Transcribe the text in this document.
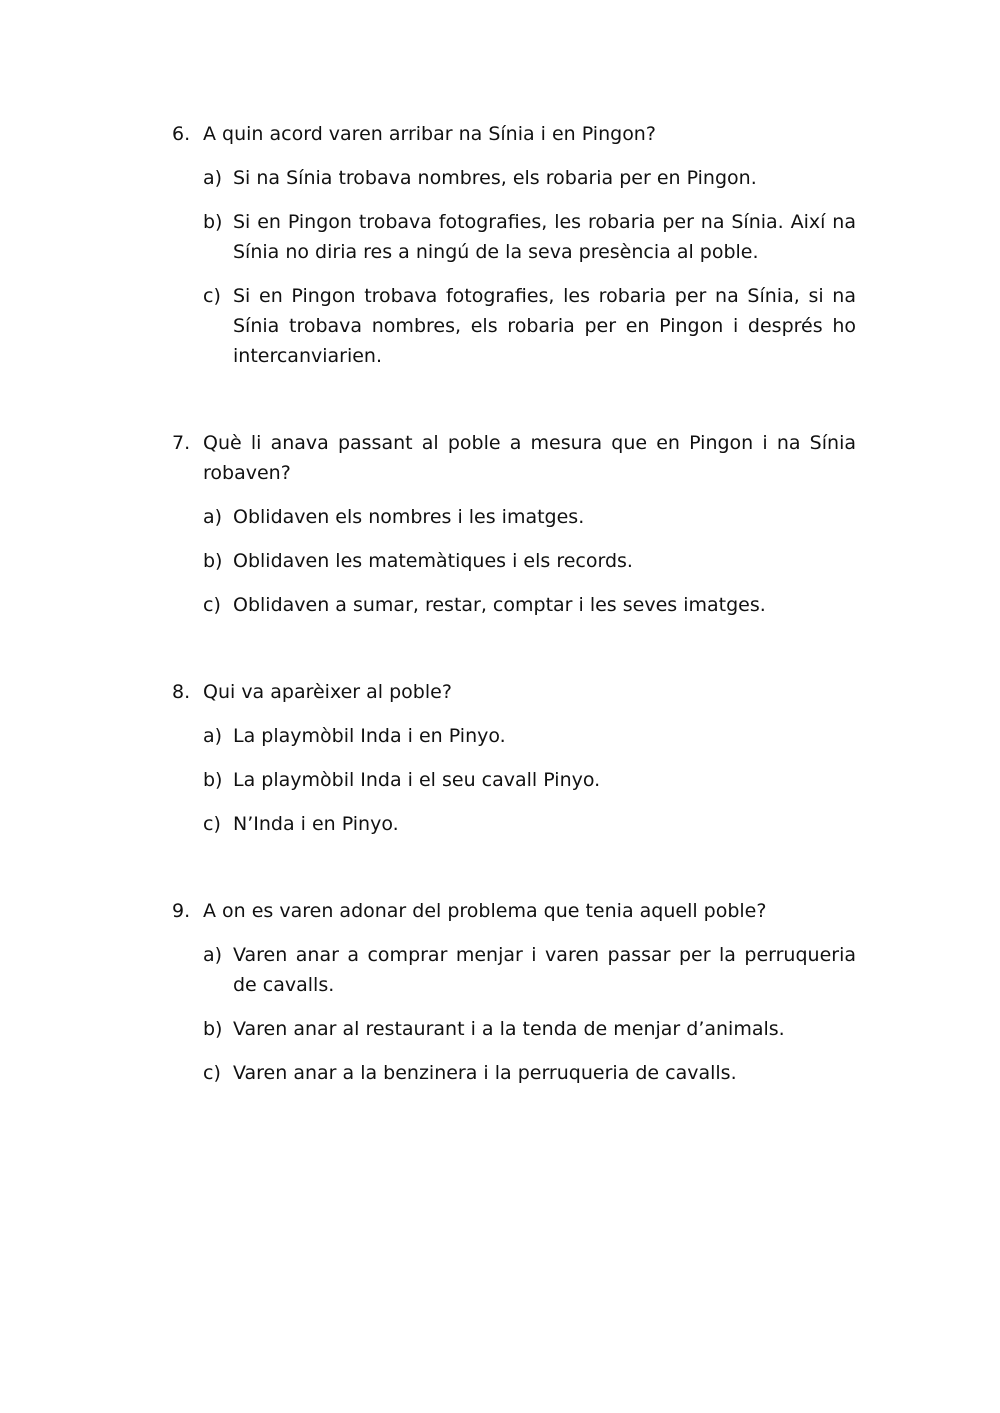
6. A quin acord varen arribar na Sínia i en Pingon?
a) Si na Sínia trobava nombres, els robaria per en Pingon.
b) Si en Pingon trobava fotografies, les robaria per na Sínia. Així na Sínia no diria res a ningú de la seva presència al poble.
c) Si en Pingon trobava fotografies, les robaria per na Sínia, si na Sínia trobava nombres, els robaria per en Pingon i després ho intercanviarien.
7. Què li anava passant al poble a mesura que en Pingon i na Sínia robaven?
a) Oblidaven els nombres i les imatges.
b) Oblidaven les matemàtiques i els records.
c) Oblidaven a sumar, restar, comptar i les seves imatges.
8. Qui va aparèixer al poble?
a) La playmòbil Inda i en Pinyo.
b) La playmòbil Inda i el seu cavall Pinyo.
c) N’Inda i en Pinyo.
9. A on es varen adonar del problema que tenia aquell poble?
a) Varen anar a comprar menjar i varen passar per la perruqueria de cavalls.
b) Varen anar al restaurant i a la tenda de menjar d’animals.
c) Varen anar a la benzinera i la perruqueria de cavalls.
